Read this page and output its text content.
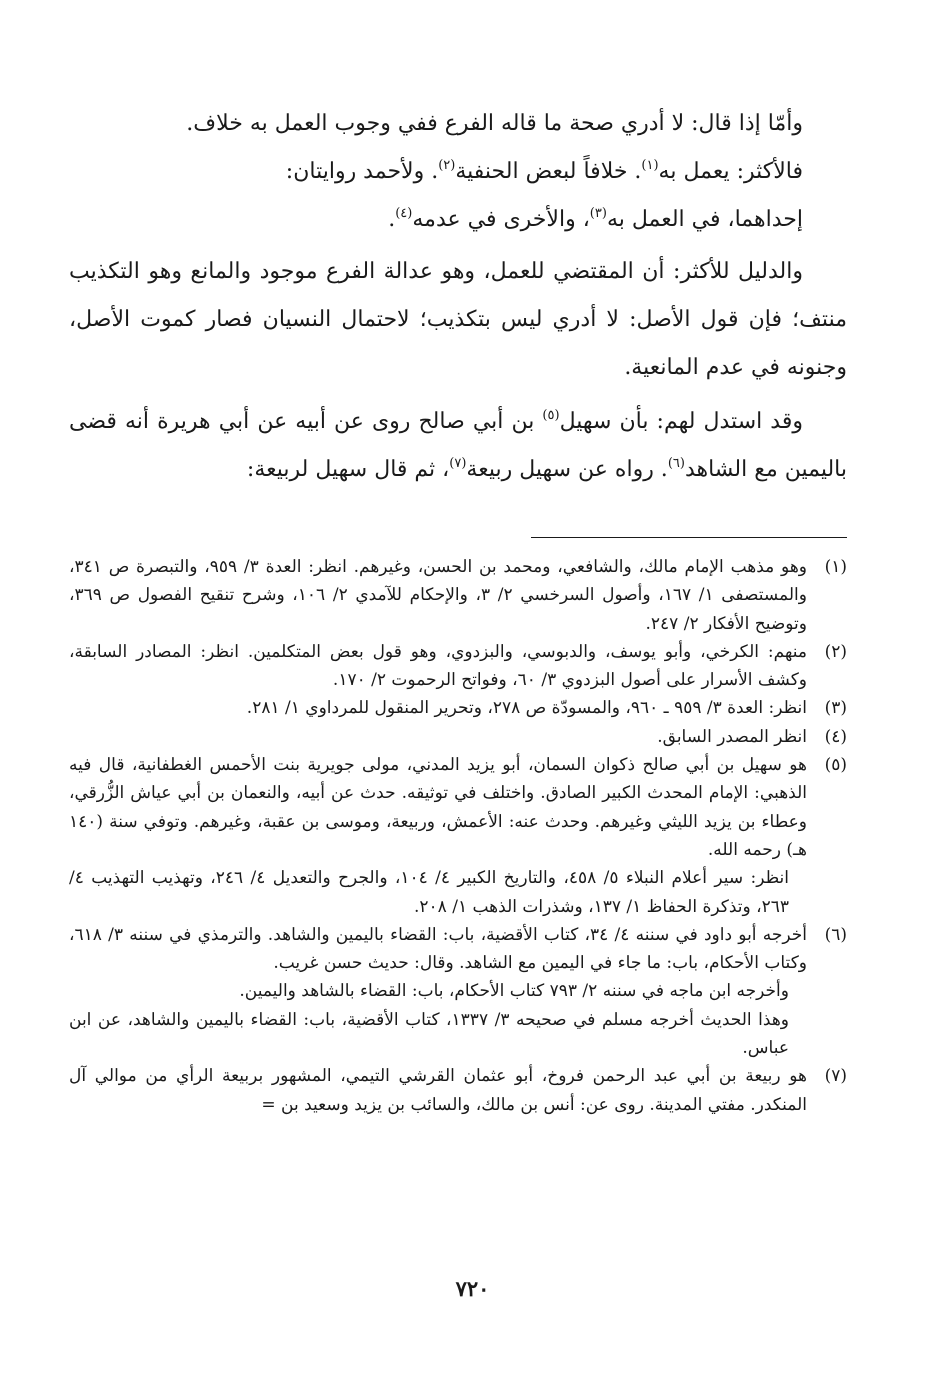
وأمّا إذا قال: لا أدري صحة ما قاله الفرع ففي وجوب العمل به خلاف.

فالأكثر: يعمل به$^{(١)}$. خلافاً لبعض الحنفية$^{(٢)}$. ولأحمد روايتان:

إحداهما، في العمل به$^{(٣)}$، والأخرى في عدمه$^{(٤)}$.

والدليل للأكثر: أن المقتضي للعمل، وهو عدالة الفرع موجود والمانع وهو التكذيب منتف؛ فإن قول الأصل: لا أدري ليس بتكذيب؛ لاحتمال النسيان فصار كموت الأصل، وجنونه في عدم المانعية.

وقد استدل لهم: بأن سهيل$^{(٥)}$ بن أبي صالح روى عن أبيه عن أبي هريرة أنه قضى باليمين مع الشاهد$^{(٦)}$. رواه عن سهيل ربيعة$^{(٧)}$، ثم قال سهيل لربيعة:

(١)

وهو مذهب الإمام مالك، والشافعي، ومحمد بن الحسن، وغيرهم. انظر: العدة ٣/ ٩٥٩، والتبصرة ص ٣٤١، والمستصفى ١/ ١٦٧، وأصول السرخسي ٢/ ٣، والإحكام للآمدي ٢/ ١٠٦، وشرح تنقيح الفصول ص ٣٦٩، وتوضيح الأفكار ٢/ ٢٤٧.

(٢)

منهم: الكرخي، وأبو يوسف، والدبوسي، والبزدوي، وهو قول بعض المتكلمين. انظر: المصادر السابقة، وكشف الأسرار على أصول البزدوي ٣/ ٦٠، وفواتح الرحموت ٢/ ١٧٠.

(٣)

انظر: العدة ٣/ ٩٥٩ ـ ٩٦٠، والمسودّة ص ٢٧٨، وتحرير المنقول للمرداوي ١/ ٢٨١.

(٤)

انظر المصدر السابق.

(٥)

هو سهيل بن أبي صالح ذكوان السمان، أبو يزيد المدني، مولى جويرية بنت الأحمس الغطفانية، قال فيه الذهبي: الإمام المحدث الكبير الصادق. واختلف في توثيقه. حدث عن أبيه، والنعمان بن أبي عياش الزُّرقي، وعطاء بن يزيد الليثي وغيرهم. وحدث عنه: الأعمش، وربيعة، وموسى بن عقبة، وغيرهم. وتوفي سنة (١٤٠ هـ) رحمه الله.

انظر: سير أعلام النبلاء ٥/ ٤٥٨، والتاريخ الكبير ٤/ ١٠٤، والجرح والتعديل ٤/ ٢٤٦، وتهذيب التهذيب ٤/ ٢٦٣، وتذكرة الحفاظ ١/ ١٣٧، وشذرات الذهب ١/ ٢٠٨.

(٦)

أخرجه أبو داود في سننه ٤/ ٣٤، كتاب الأقضية، باب: القضاء باليمين والشاهد. والترمذي في سننه ٣/ ٦١٨، وكتاب الأحكام، باب: ما جاء في اليمين مع الشاهد. وقال: حديث حسن غريب.

وأخرجه ابن ماجه في سننه ٢/ ٧٩٣ كتاب الأحكام، باب: القضاء بالشاهد واليمين.

وهذا الحديث أخرجه مسلم في صحيحه ٣/ ١٣٣٧، كتاب الأقضية، باب: القضاء باليمين والشاهد، عن ابن عباس.

(٧)

هو ربيعة بن أبي عبد الرحمن فروخ، أبو عثمان القرشي التيمي، المشهور بربيعة الرأي من موالي آل المنكدر. مفتي المدينة. روى عن: أنس بن مالك، والسائب بن يزيد وسعيد بن =

٧٢٠
